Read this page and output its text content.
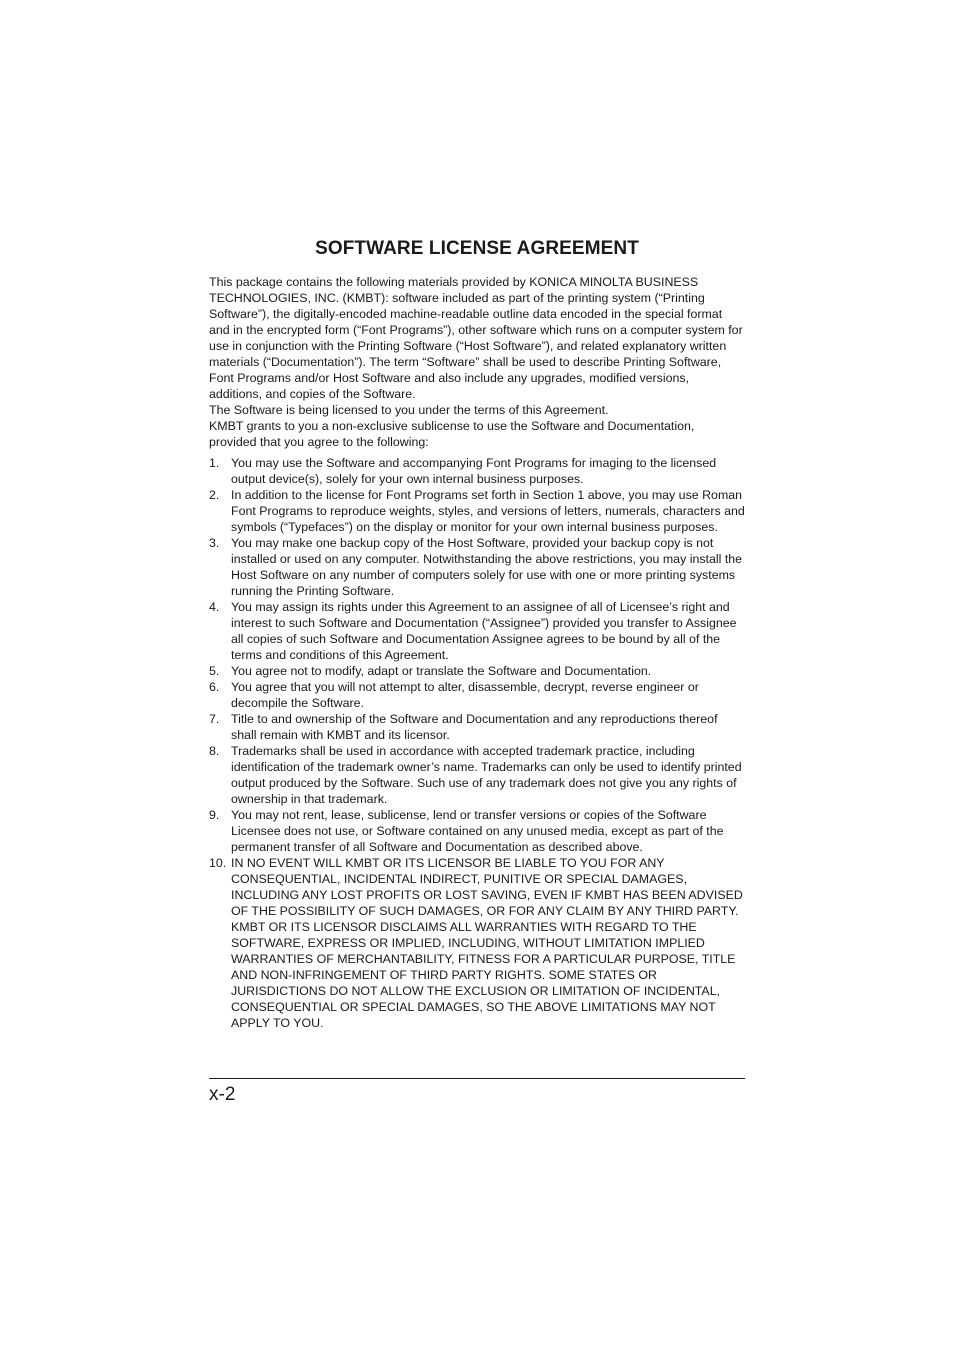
SOFTWARE LICENSE AGREEMENT

This package contains the following materials provided by KONICA MINOLTA BUSINESS TECHNOLOGIES, INC. (KMBT): software included as part of the printing system (“Printing Software”), the digitally-encoded machine-readable outline data encoded in the special format and in the encrypted form (“Font Programs”), other software which runs on a computer system for use in conjunction with the Printing Software (“Host Software”), and related explanatory written materials (“Documentation”). The term “Software” shall be used to describe Printing Software, Font Programs and/or Host Software and also include any upgrades, modified versions, additions, and copies of the Software.

The Software is being licensed to you under the terms of this Agreement.

KMBT grants to you a non-exclusive sublicense to use the Software and Documentation, provided that you agree to the following:

1. You may use the Software and accompanying Font Programs for imaging to the licensed output device(s), solely for your own internal business purposes.
2. In addition to the license for Font Programs set forth in Section 1 above, you may use Roman Font Programs to reproduce weights, styles, and versions of letters, numerals, characters and symbols (“Typefaces”) on the display or monitor for your own internal business purposes.
3. You may make one backup copy of the Host Software, provided your backup copy is not installed or used on any computer. Notwithstanding the above restrictions, you may install the Host Software on any number of computers solely for use with one or more printing systems running the Printing Software.
4. You may assign its rights under this Agreement to an assignee of all of Licensee’s right and interest to such Software and Documentation (“Assignee”) provided you transfer to Assignee all copies of such Software and Documentation Assignee agrees to be bound by all of the terms and conditions of this Agreement.
5. You agree not to modify, adapt or translate the Software and Documentation.
6. You agree that you will not attempt to alter, disassemble, decrypt, reverse engineer or decompile the Software.
7. Title to and ownership of the Software and Documentation and any reproductions thereof shall remain with KMBT and its licensor.
8. Trademarks shall be used in accordance with accepted trademark practice, including identification of the trademark owner’s name. Trademarks can only be used to identify printed output produced by the Software. Such use of any trademark does not give you any rights of ownership in that trademark.
9. You may not rent, lease, sublicense, lend or transfer versions or copies of the Software Licensee does not use, or Software contained on any unused media, except as part of the permanent transfer of all Software and Documentation as described above.
10. IN NO EVENT WILL KMBT OR ITS LICENSOR BE LIABLE TO YOU FOR ANY CONSEQUENTIAL, INCIDENTAL INDIRECT, PUNITIVE OR SPECIAL DAMAGES, INCLUDING ANY LOST PROFITS OR LOST SAVING, EVEN IF KMBT HAS BEEN ADVISED OF THE POSSIBILITY OF SUCH DAMAGES, OR FOR ANY CLAIM BY ANY THIRD PARTY. KMBT OR ITS LICENSOR DISCLAIMS ALL WARRANTIES WITH REGARD TO THE SOFTWARE, EXPRESS OR IMPLIED, INCLUDING, WITHOUT LIMITATION IMPLIED WARRANTIES OF MERCHANTABILITY, FITNESS FOR A PARTICULAR PURPOSE, TITLE AND NON-INFRINGEMENT OF THIRD PARTY RIGHTS. SOME STATES OR JURISDICTIONS DO NOT ALLOW THE EXCLUSION OR LIMITATION OF INCIDENTAL, CONSEQUENTIAL OR SPECIAL DAMAGES, SO THE ABOVE LIMITATIONS MAY NOT APPLY TO YOU.
x-2
